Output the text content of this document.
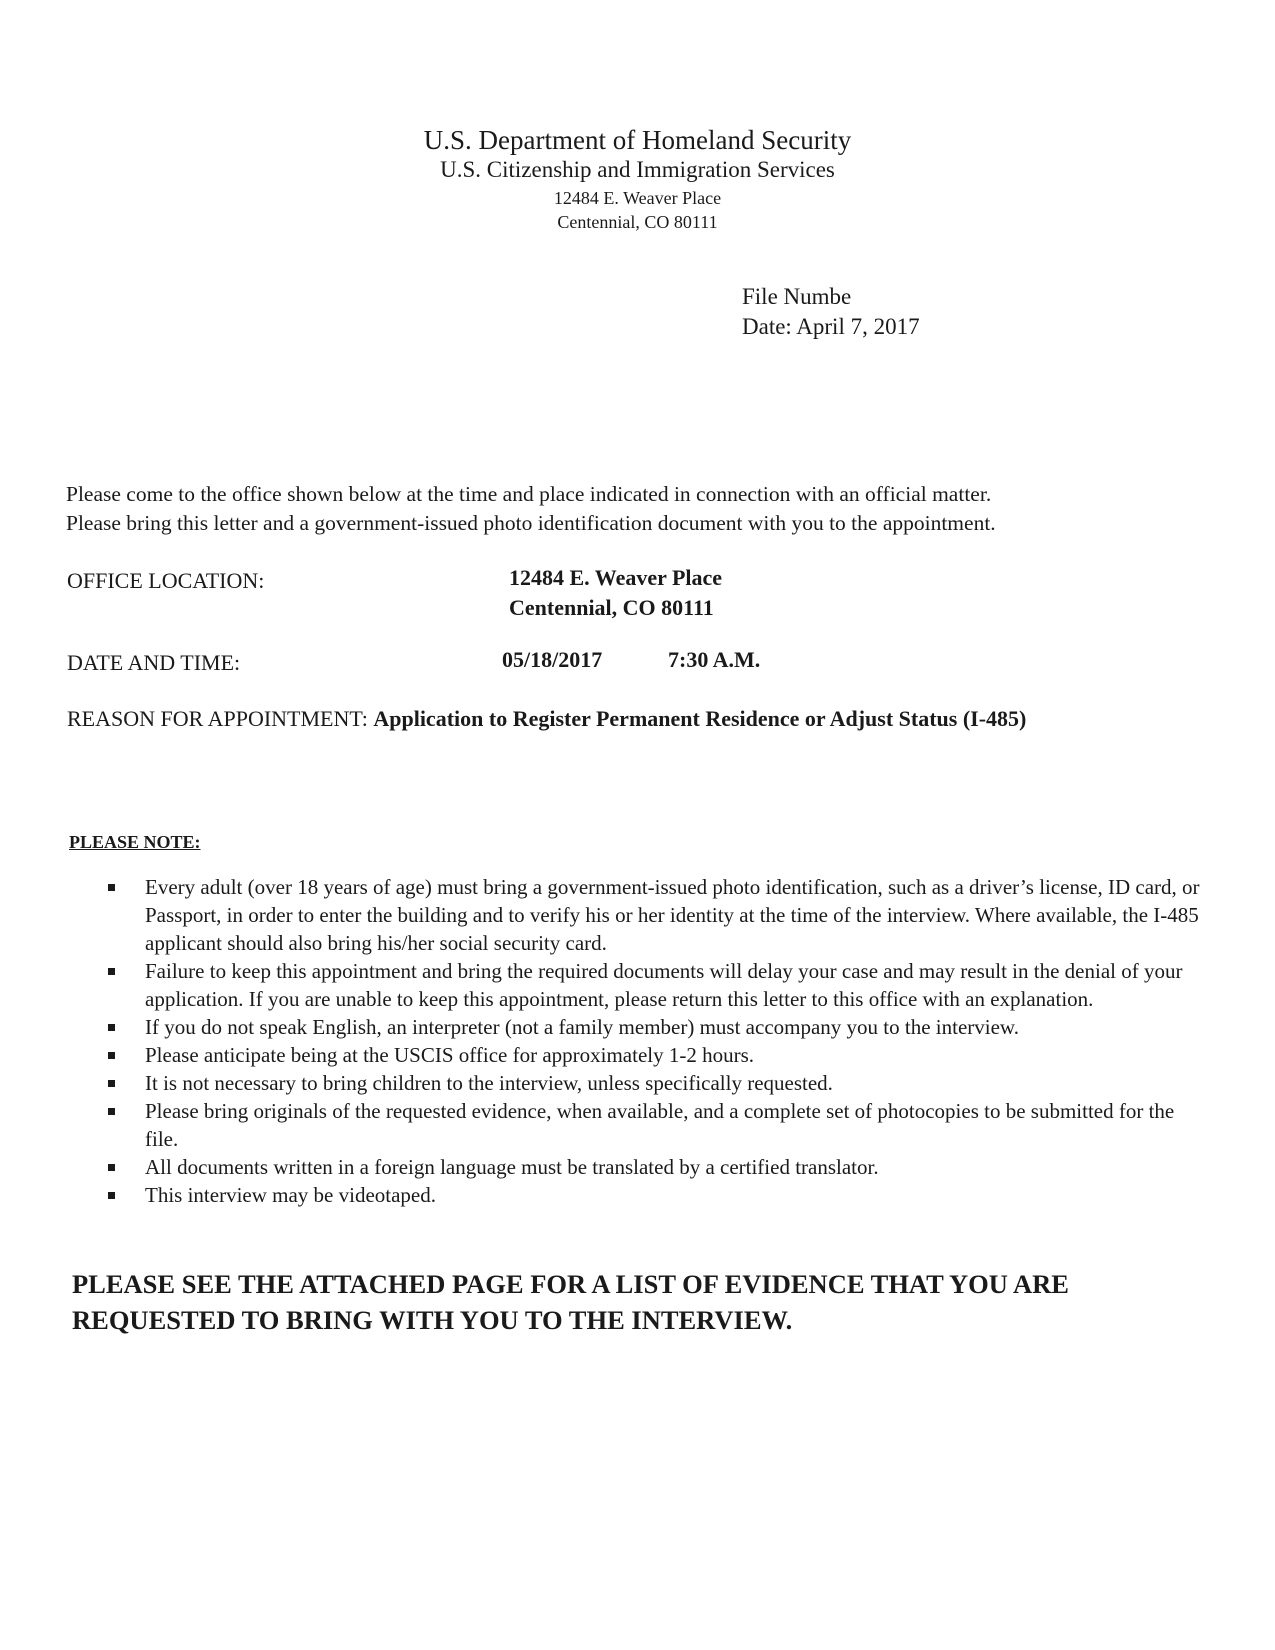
U.S. Department of Homeland Security
U.S. Citizenship and Immigration Services
12484 E. Weaver Place
Centennial, CO 80111
File Numbe
Date: April 7, 2017

Please come to the office shown below at the time and place indicated in connection with an official matter.

Please bring this letter and a government-issued photo identification document with you to the appointment.

OFFICE LOCATION:	12484 E. Weaver Place
Centennial, CO 80111
DATE AND TIME:	05/18/2017	7:30 A.M.
REASON FOR APPOINTMENT: Application to Register Permanent Residence or Adjust Status (I-485)
PLEASE NOTE:
Every adult (over 18 years of age) must bring a government-issued photo identification, such as a driver’s license, ID card, or Passport, in order to enter the building and to verify his or her identity at the time of the interview. Where available, the I-485 applicant should also bring his/her social security card.
Failure to keep this appointment and bring the required documents will delay your case and may result in the denial of your application. If you are unable to keep this appointment, please return this letter to this office with an explanation.
If you do not speak English, an interpreter (not a family member) must accompany you to the interview.
Please anticipate being at the USCIS office for approximately 1-2 hours.
It is not necessary to bring children to the interview, unless specifically requested.
Please bring originals of the requested evidence, when available, and a complete set of photocopies to be submitted for the file.
All documents written in a foreign language must be translated by a certified translator.
This interview may be videotaped.
PLEASE SEE THE ATTACHED PAGE FOR A LIST OF EVIDENCE THAT YOU ARE REQUESTED TO BRING WITH YOU TO THE INTERVIEW.
